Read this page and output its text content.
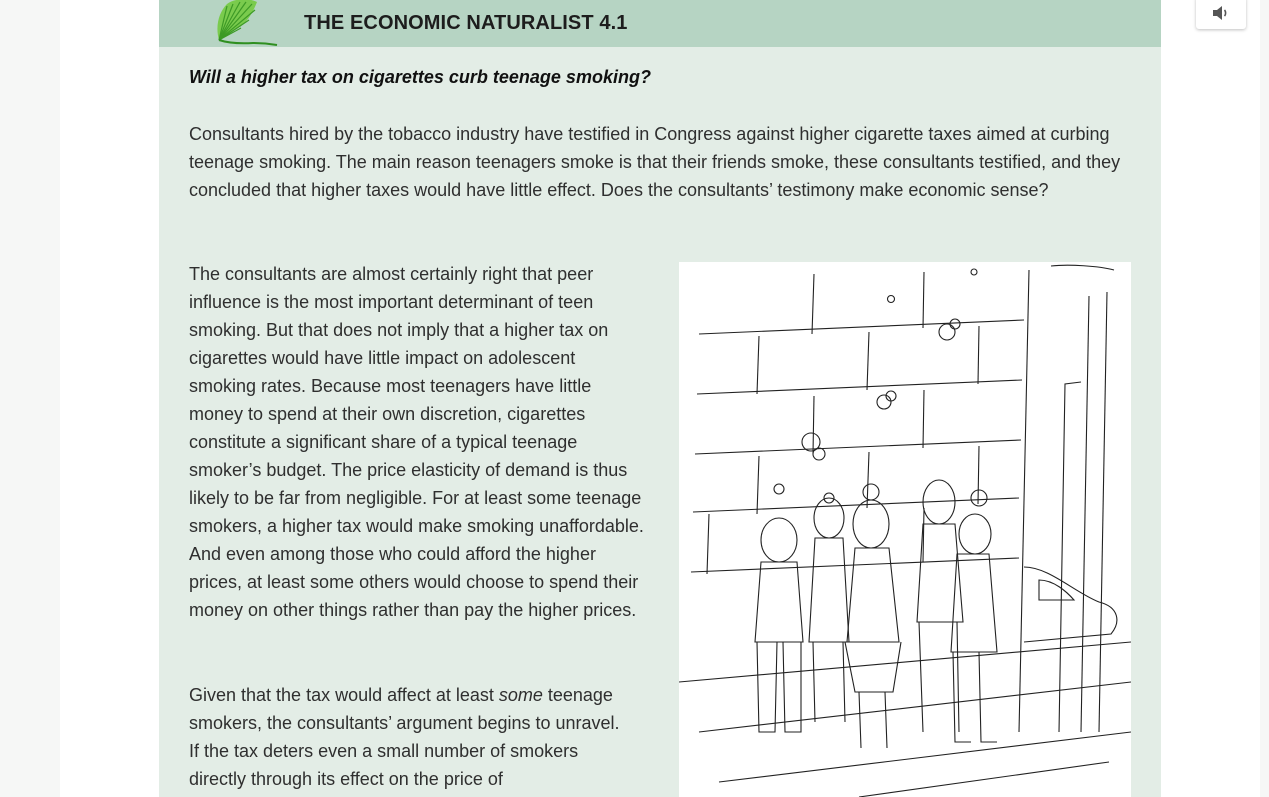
THE ECONOMIC NATURALIST 4.1
Will a higher tax on cigarettes curb teenage smoking?

Consultants hired by the tobacco industry have testified in Congress against higher cigarette taxes aimed at curbing teenage smoking. The main reason teenagers smoke is that their friends smoke, these consultants testified, and they concluded that higher taxes would have little effect. Does the consultants’ testimony make economic sense?

The consultants are almost certainly right that peer influence is the most important determinant of teen smoking. But that does not imply that a higher tax on cigarettes would have little impact on adolescent smoking rates. Because most teenagers have little money to spend at their own discretion, cigarettes constitute a significant share of a typical teenage smoker’s budget. The price elasticity of demand is thus likely to be far from negligible. For at least some teenage smokers, a higher tax would make smoking unaffordable. And even among those who could afford the higher prices, at least some others would choose to spend their money on other things rather than pay the higher prices.

Given that the tax would affect at least some teenage smokers, the consultants’ argument begins to unravel. If the tax deters even a small number of smokers directly through its effect on the price of
